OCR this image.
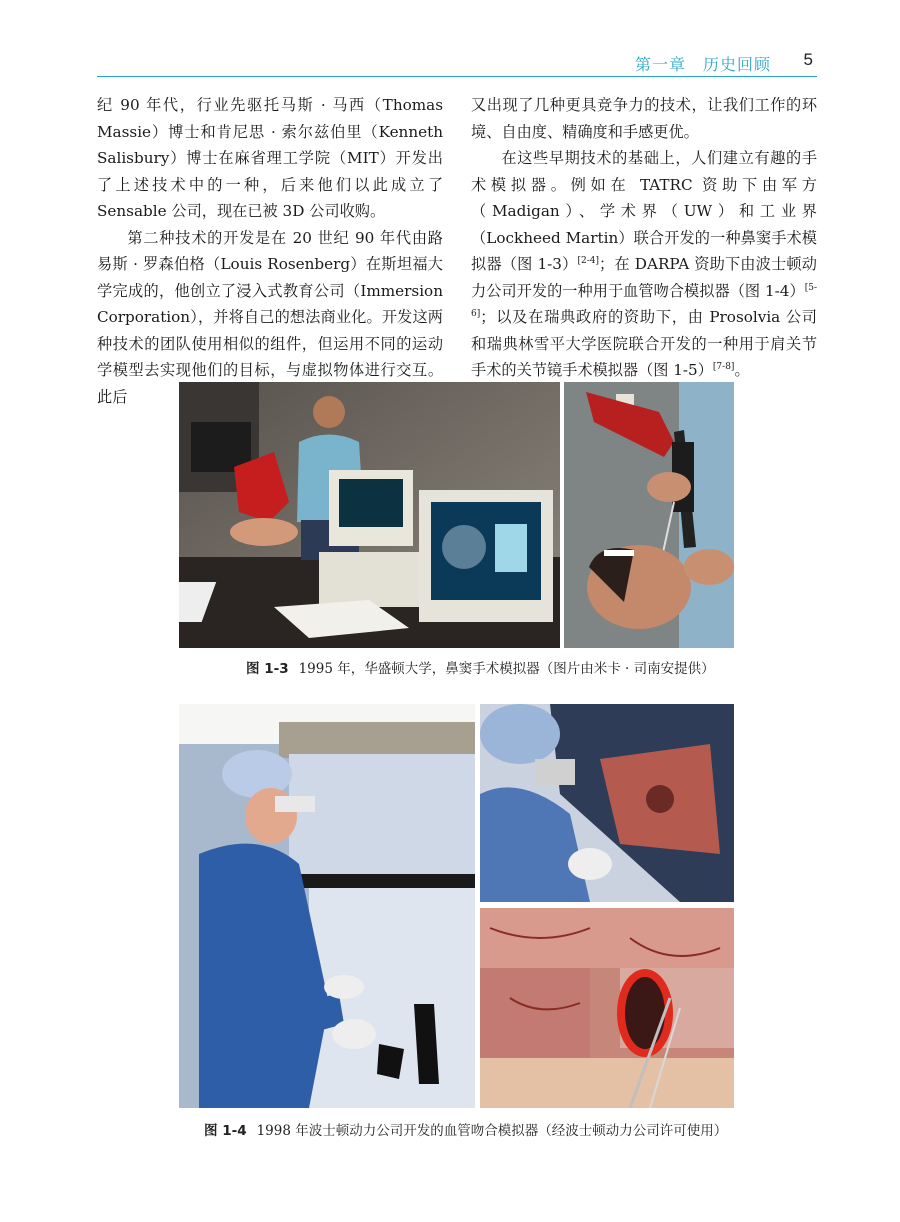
第一章　历史回顾 5

纪 90 年代，行业先驱托马斯 · 马西（Thomas Massie）博士和肯尼思 · 索尔兹伯里（Kenneth Salisbury）博士在麻省理工学院（MIT）开发出了上述技术中的一种，后来他们以此成立了 Sensable 公司，现在已被 3D 公司收购。

第二种技术的开发是在 20 世纪 90 年代由路易斯 · 罗森伯格（Louis Rosenberg）在斯坦福大学完成的，他创立了浸入式教育公司（Immersion Corporation），并将自己的想法商业化。开发这两种技术的团队使用相似的组件，但运用不同的运动学模型去实现他们的目标，与虚拟物体进行交互。此后

又出现了几种更具竞争力的技术，让我们工作的环境、自由度、精确度和手感更优。

在这些早期技术的基础上，人们建立有趣的手术模拟器。例如在 TATRC 资助下由军方（Madigan）、学术界（UW）和工业界（Lockheed Martin）联合开发的一种鼻窦手术模拟器（图 1-3）[2-4]；在 DARPA 资助下由波士顿动力公司开发的一种用于血管吻合模拟器（图 1-4）[5-6]；以及在瑞典政府的资助下，由 Prosolvia 公司和瑞典林雪平大学医院联合开发的一种用于肩关节手术的关节镜手术模拟器（图 1-5）[7-8]。

图 1-3 1995 年，华盛顿大学，鼻窦手术模拟器（图片由米卡 · 司南安提供）
图 1-4 1998 年波士顿动力公司开发的血管吻合模拟器（经波士顿动力公司许可使用）
